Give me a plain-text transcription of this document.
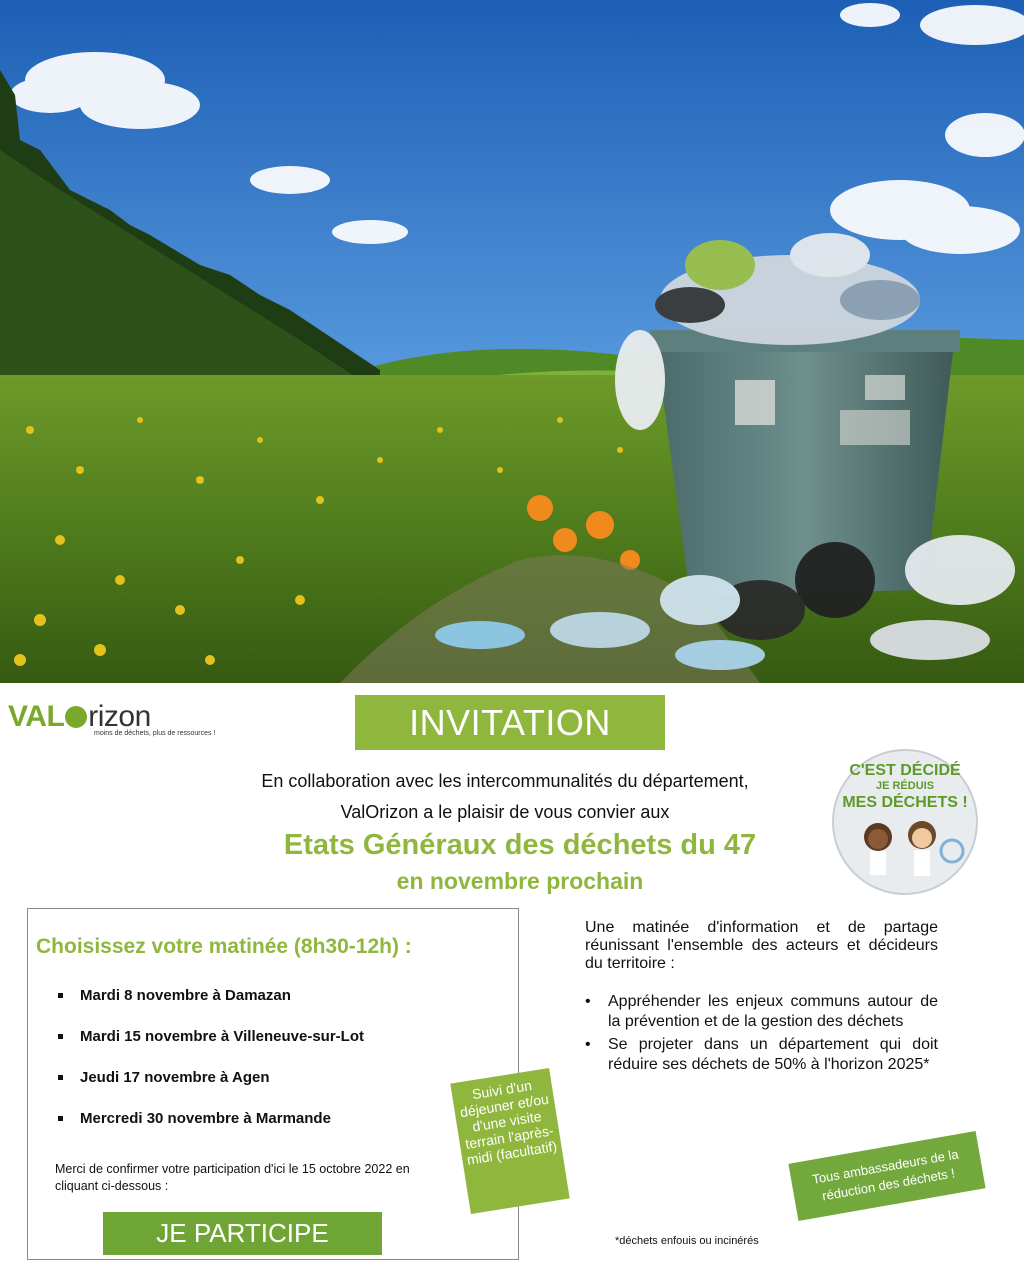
VAL rizon
moins de déchets, plus de ressources !	INVITATION
En collaboration avec les intercommunalités du département,
ValOrizon a le plaisir de vous convier aux
Etats Généraux des déchets du 47
en novembre prochain
C'EST DÉCIDÉ
JE RÉDUIS
MES DÉCHETS !
Choisissez votre matinée (8h30-12h) :
Mardi 8 novembre à Damazan
Mardi 15 novembre à Villeneuve-sur-Lot
Jeudi 17 novembre à Agen
Mercredi 30 novembre à Marmande
Merci de confirmer votre participation d'ici le 15 octobre 2022 en cliquant ci-dessous :
JE PARTICIPE
Suivi d'un déjeuner et/ou d'une visite terrain l'après-midi (facultatif)

Une matinée d'information et de partage réunissant l'ensemble des acteurs et décideurs du territoire :

• Appréhender les enjeux communs autour de la prévention et de la gestion des déchets
• Se projeter dans un département qui doit réduire ses déchets de 50% à l'horizon 2025*
Tous ambassadeurs de la réduction des déchets !
*déchets enfouis ou incinérés
